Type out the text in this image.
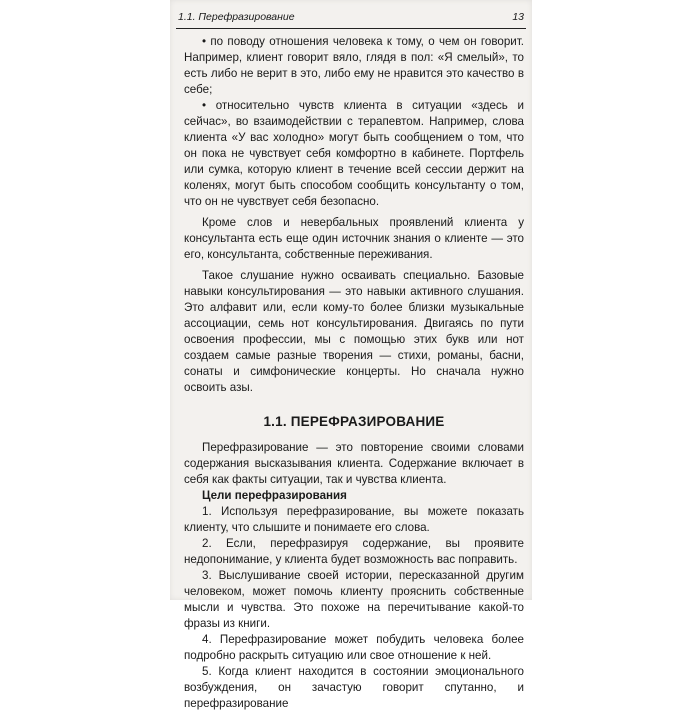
1.1. Перефразирование	13

• по поводу отношения человека к тому, о чем он говорит. Например, клиент говорит вяло, глядя в пол: «Я смелый», то есть либо не верит в это, либо ему не нравится это качество в себе;

• относительно чувств клиента в ситуации «здесь и сейчас», во взаимодействии с терапевтом. Например, слова клиента «У вас холодно» могут быть сообщением о том, что он пока не чувствует себя комфортно в кабинете. Портфель или сумка, которую клиент в течение всей сессии держит на коленях, могут быть способом сообщить консультанту о том, что он не чувствует себя безопасно.

Кроме слов и невербальных проявлений клиента у консультанта есть еще один источник знания о клиенте — это его, консультанта, собственные переживания.

Такое слушание нужно осваивать специально. Базовые навыки консультирования — это навыки активного слушания. Это алфавит или, если кому-то более близки музыкальные ассоциации, семь нот консультирования. Двигаясь по пути освоения профессии, мы с помощью этих букв или нот создаем самые разные творения — стихи, романы, басни, сонаты и симфонические концерты. Но сначала нужно освоить азы.

1.1. ПЕРЕФРАЗИРОВАНИЕ

Перефразирование — это повторение своими словами содержания высказывания клиента. Содержание включает в себя как факты ситуации, так и чувства клиента.

Цели перефразирования

1. Используя перефразирование, вы можете показать клиенту, что слышите и понимаете его слова.

2. Если, перефразируя содержание, вы проявите недопонимание, у клиента будет возможность вас поправить.

3. Выслушивание своей истории, пересказанной другим человеком, может помочь клиенту прояснить собственные мысли и чувства. Это похоже на перечитывание какой-то фразы из книги.

4. Перефразирование может побудить человека более подробно раскрыть ситуацию или свое отношение к ней.

5. Когда клиент находится в состоянии эмоционального возбуждения, он зачастую говорит спутанно, и перефразирование
